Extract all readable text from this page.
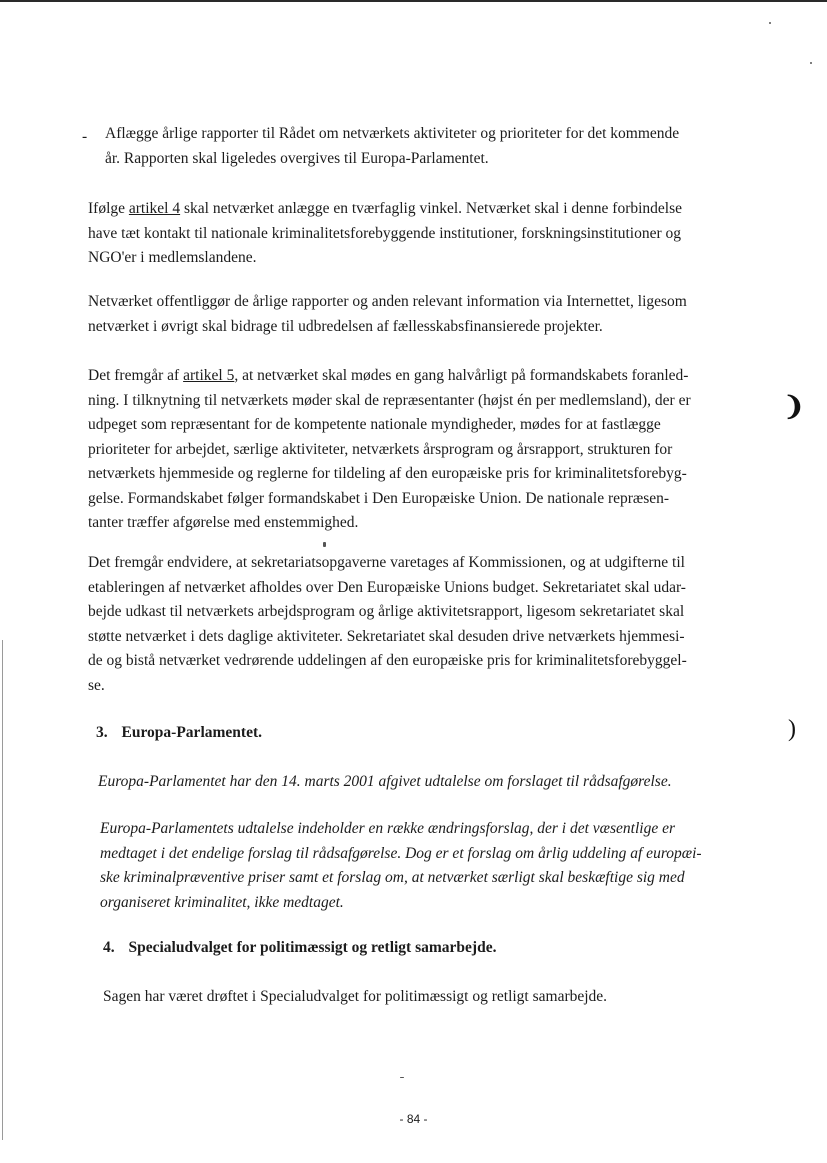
- Aflægge årlige rapporter til Rådet om netværkets aktiviteter og prioriteter for det kommende
år. Rapporten skal ligeledes overgives til Europa-Parlamentet.
Ifølge artikel 4 skal netværket anlægge en tværfaglig vinkel. Netværket skal i denne forbindelse
have tæt kontakt til nationale kriminalitetsforebyggende institutioner, forskningsinstitutioner og
NGO'er i medlemslandene.
Netværket offentliggør de årlige rapporter og anden relevant information via Internettet, ligesom
netværket i øvrigt skal bidrage til udbredelsen af fællesskabsfinansierede projekter.
Det fremgår af artikel 5, at netværket skal mødes en gang halvårligt på formandskabets foranled-
ning. I tilknytning til netværkets møder skal de repræsentanter (højst én per medlemsland), der er
udpeget som repræsentant for de kompetente nationale myndigheder, mødes for at fastlægge
prioriteter for arbejdet, særlige aktiviteter, netværkets årsprogram og årsrapport, strukturen for
netværkets hjemmeside og reglerne for tildeling af den europæiske pris for kriminalitetsforebyg-
gelse. Formandskabet følger formandskabet i Den Europæiske Union. De nationale repræsen-
tanter træffer afgørelse med enstemmighed.
Det fremgår endvidere, at sekretariatsopgaverne varetages af Kommissionen, og at udgifterne til
etableringen af netværket afholdes over Den Europæiske Unions budget. Sekretariatet skal udar-
bejde udkast til netværkets arbejdsprogram og årlige aktivitetsrapport, ligesom sekretariatet skal
støtte netværket i dets daglige aktiviteter. Sekretariatet skal desuden drive netværkets hjemmesi-
de og bistå netværket vedrørende uddelingen af den europæiske pris for kriminalitetsforebyggel-
se.
3. Europa-Parlamentet.
Europa-Parlamentet har den 14. marts 2001 afgivet udtalelse om forslaget til rådsafgørelse.
Europa-Parlamentets udtalelse indeholder en række ændringsforslag, der i det væsentlige er
medtaget i det endelige forslag til rådsafgørelse. Dog er et forslag om årlig uddeling af europæi-
ske kriminalpræventive priser samt et forslag om, at netværket særligt skal beskæftige sig med
organiseret kriminalitet, ikke medtaget.
4. Specialudvalget for politimæssigt og retligt samarbejde.
Sagen har været drøftet i Specialudvalget for politimæssigt og retligt samarbejde.
- 84 -
❩
)
